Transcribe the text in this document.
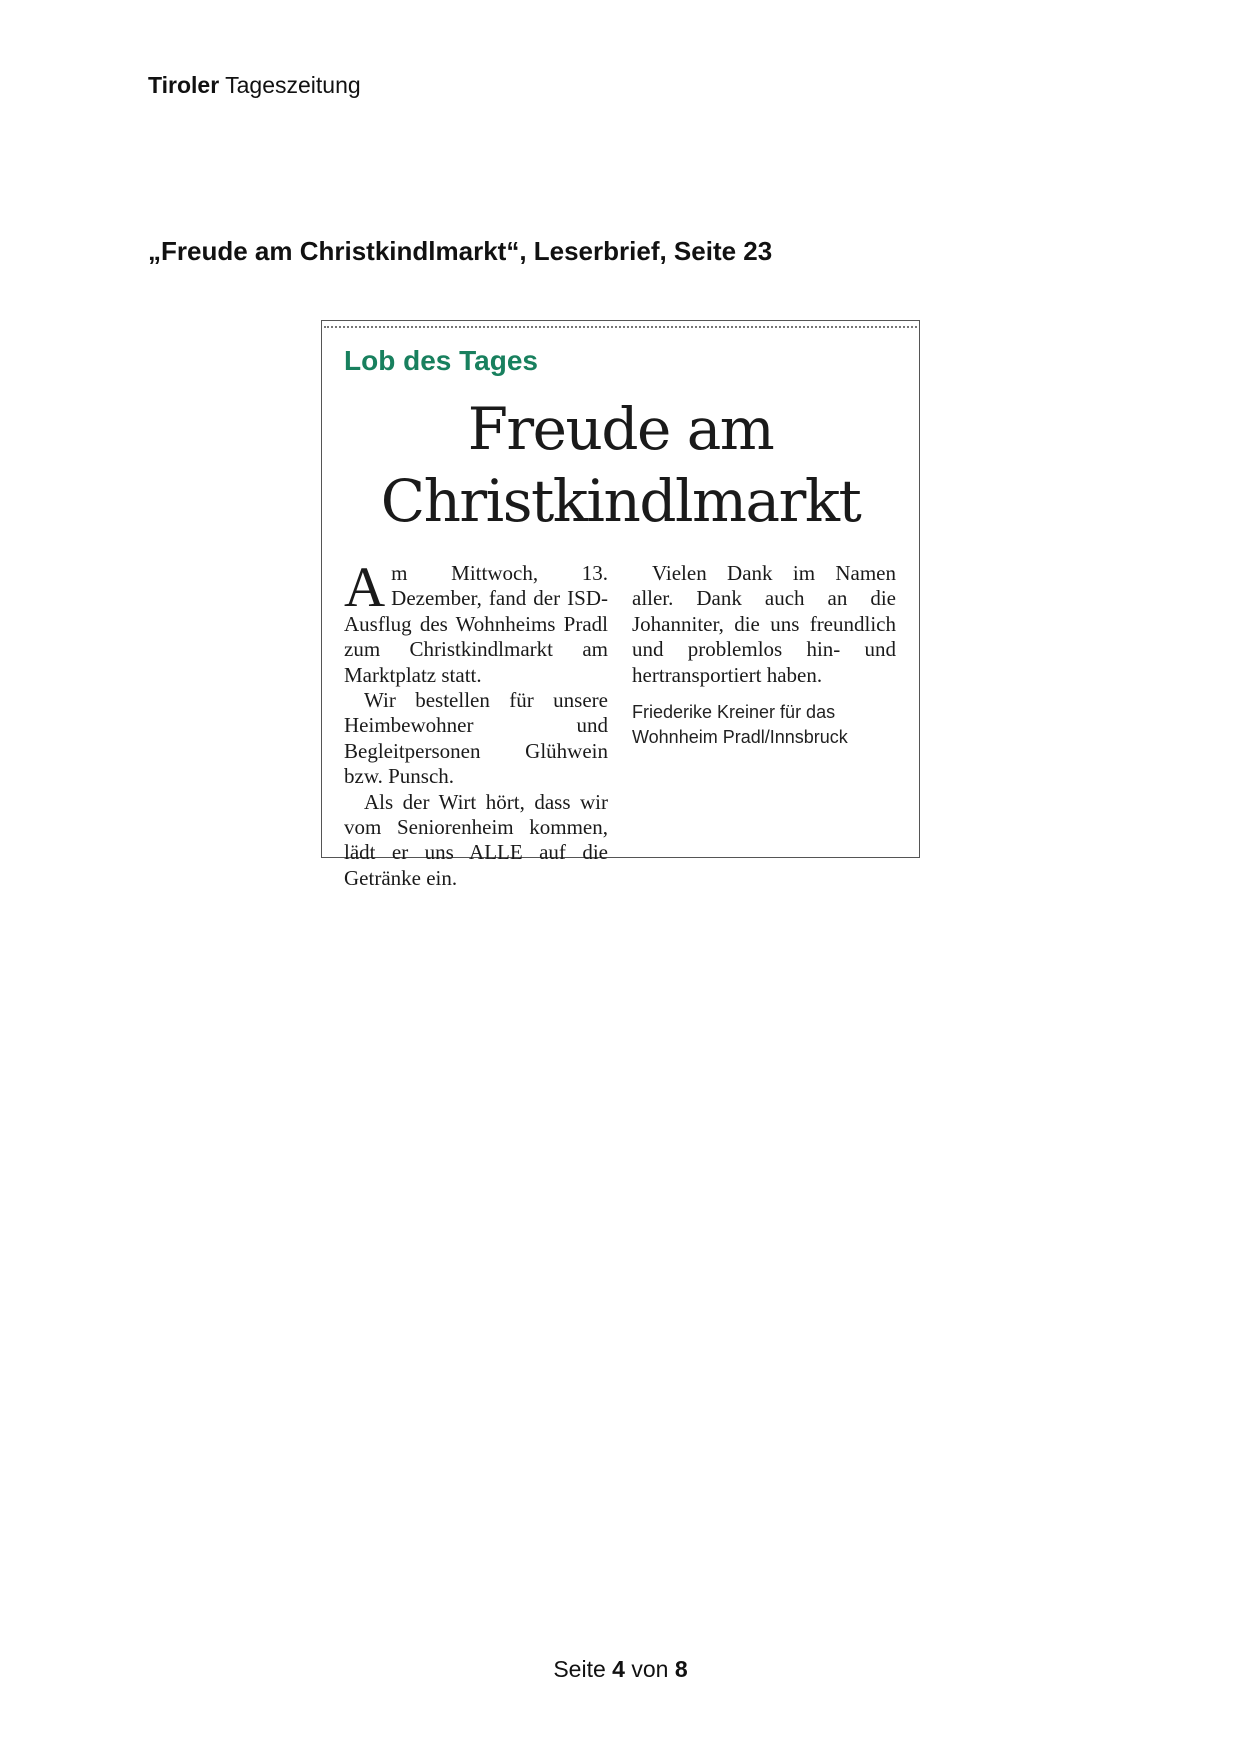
Tiroler Tageszeitung
„Freude am Christkindlmarkt“, Leserbrief, Seite 23
Lob des Tages
Freude am
Christkindlmarkt

Am Mittwoch, 13. Dezember, fand der ISD-Ausflug des Wohnheims Pradl zum Christkindlmarkt am Marktplatz statt.

Wir bestellen für unsere Heimbewohner und Begleitpersonen Glühwein bzw. Punsch.

Als der Wirt hört, dass wir vom Seniorenheim kommen, lädt er uns ALLE auf die Getränke ein.

Vielen Dank im Namen aller. Dank auch an die Johanniter, die uns freundlich und problemlos hin- und hertransportiert haben.

Friederike Kreiner für das
Wohnheim Pradl/Innsbruck

Seite 4 von 8
